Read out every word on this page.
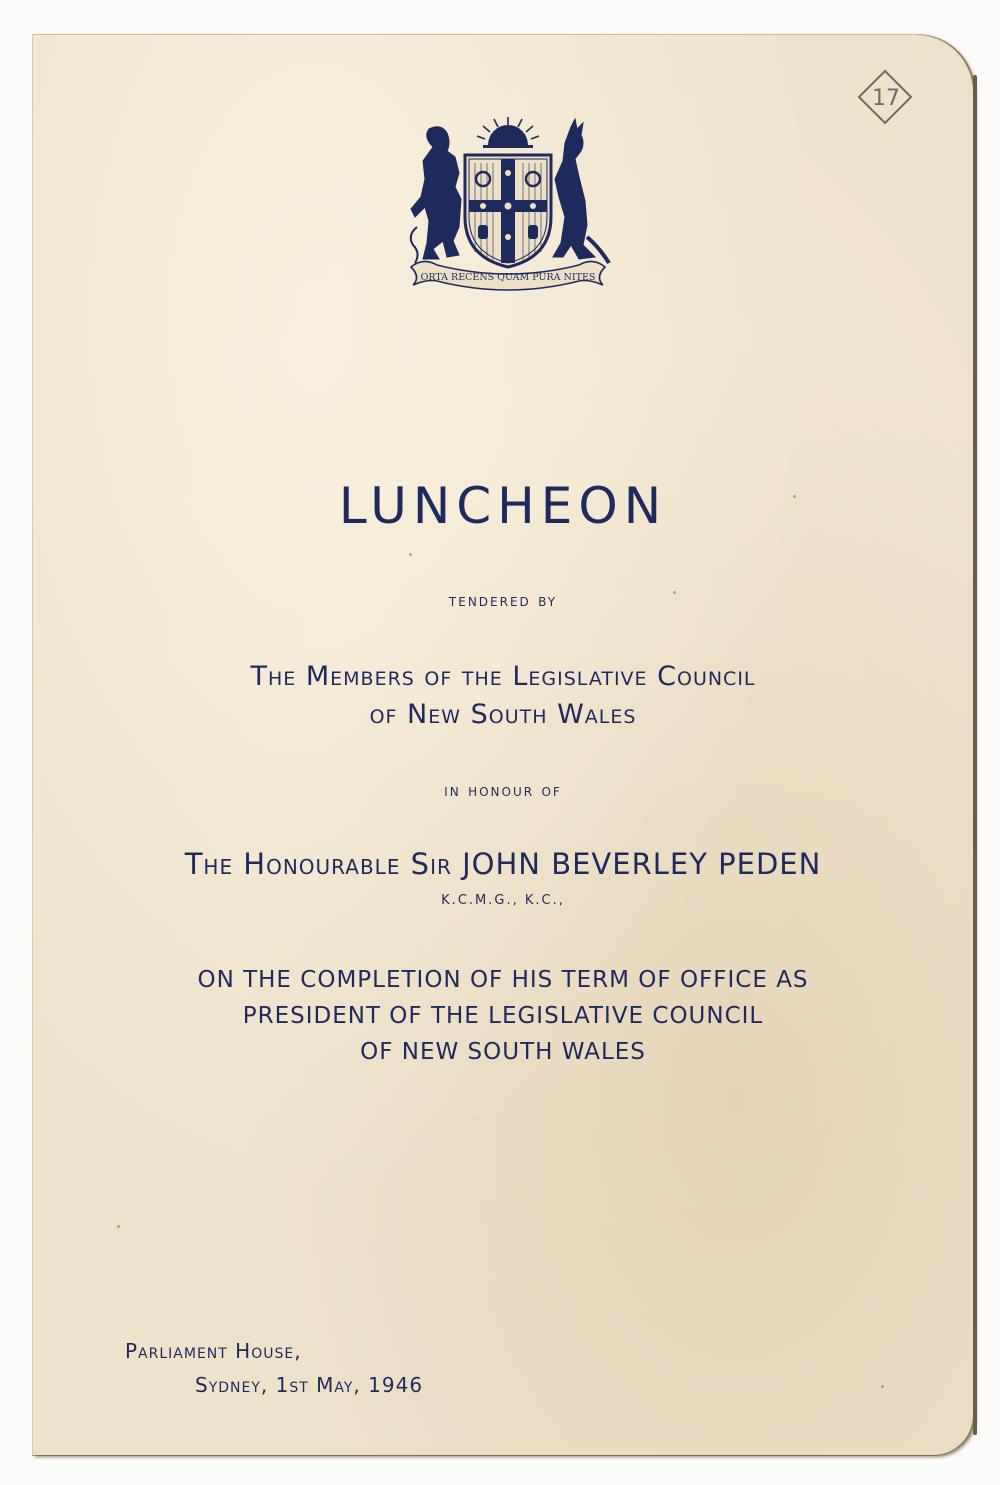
ORTA RECENS QUAM PURA NITES
17
LUNCHEON

tendered by

The Members of the Legislative Council

of New South Wales

in honour of

The Honourable Sir JOHN BEVERLEY PEDEN

K.C.M.G., K.C.,

ON THE COMPLETION OF HIS TERM OF OFFICE AS

PRESIDENT OF THE LEGISLATIVE COUNCIL

OF NEW SOUTH WALES

Parliament House,

Sydney, 1st May, 1946
